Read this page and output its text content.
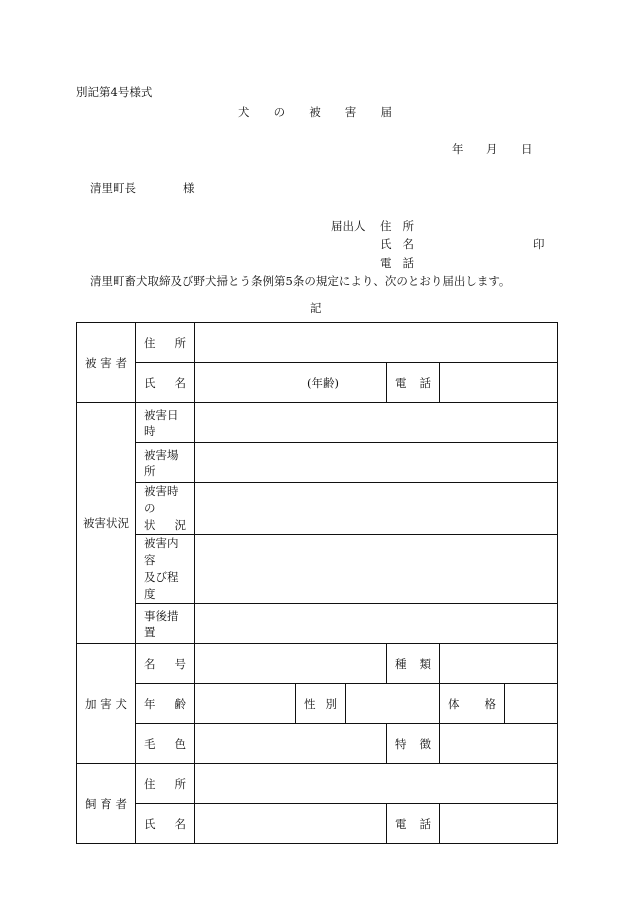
別記第4号様式
犬 の 被 害 届
年 月 日
清里町長	様
届出人 住 所
氏 名	印
電 話
清里町畜犬取締及び野犬掃とう条例第5条の規定により、次のとおり届出します。
記
被 害 者	住 所						

	氏 名	(年齢)			電 話		

被害状況	被害日時						
	被害場所						

	被害時の
状 況						

	被害内容
及び程度						

	事後措置						

加 害 犬	名 号				種 類		

	年 齢		性 別			体 格	

	毛 色				特 徴		

飼 育 者	住 所						

	氏 名				電 話		
